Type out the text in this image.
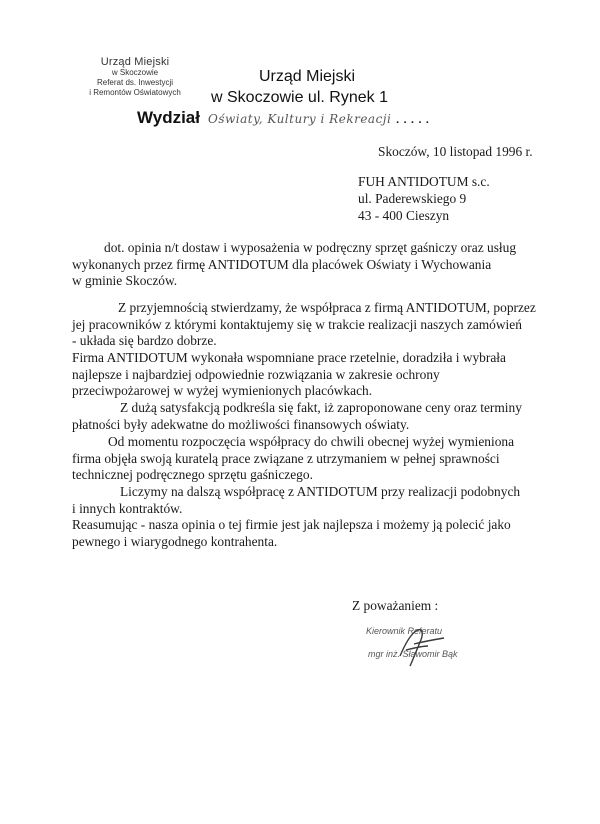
Urząd Miejski
w Skoczowie
Referat ds. Inwestycji
i Remontów Oświatowych
Urząd Miejski
w Skoczowie ul. Rynek 1
Wydział Oświaty, Kultury i Rekreacji .....
Skoczów, 10 listopad 1996 r.
FUH ANTIDOTUM s.c.
ul. Paderewskiego 9
43 - 400 Cieszyn
dot. opinia n/t dostaw i wyposażenia w podręczny sprzęt gaśniczy oraz usług
wykonanych przez firmę ANTIDOTUM dla placówek Oświaty i Wychowania
w gminie Skoczów.
Z przyjemnością stwierdzamy, że współpraca z firmą ANTIDOTUM, poprzez
jej pracowników z którymi kontaktujemy się w trakcie realizacji naszych zamówień
- układa się bardzo dobrze.
Firma ANTIDOTUM wykonała wspomniane prace rzetelnie, doradziła i wybrała
najlepsze i najbardziej odpowiednie rozwiązania w zakresie ochrony
przeciwpożarowej w wyżej wymienionych placówkach.
Z dużą satysfakcją podkreśla się fakt, iż zaproponowane ceny oraz terminy
płatności były adekwatne do możliwości finansowych oświaty.
Od momentu rozpoczęcia współpracy do chwili obecnej wyżej wymieniona
firma objęła swoją kuratelą prace związane z utrzymaniem w pełnej sprawności
technicznej podręcznego sprzętu gaśniczego.
Liczymy na dalszą współpracę z ANTIDOTUM przy realizacji podobnych
i innych kontraktów.
Reasumując - nasza opinia o tej firmie jest jak najlepsza i możemy ją polecić jako
pewnego i wiarygodnego kontrahenta.
Z poważaniem :
Kierownik Referatu
mgr inż. Sławomir Bąk
